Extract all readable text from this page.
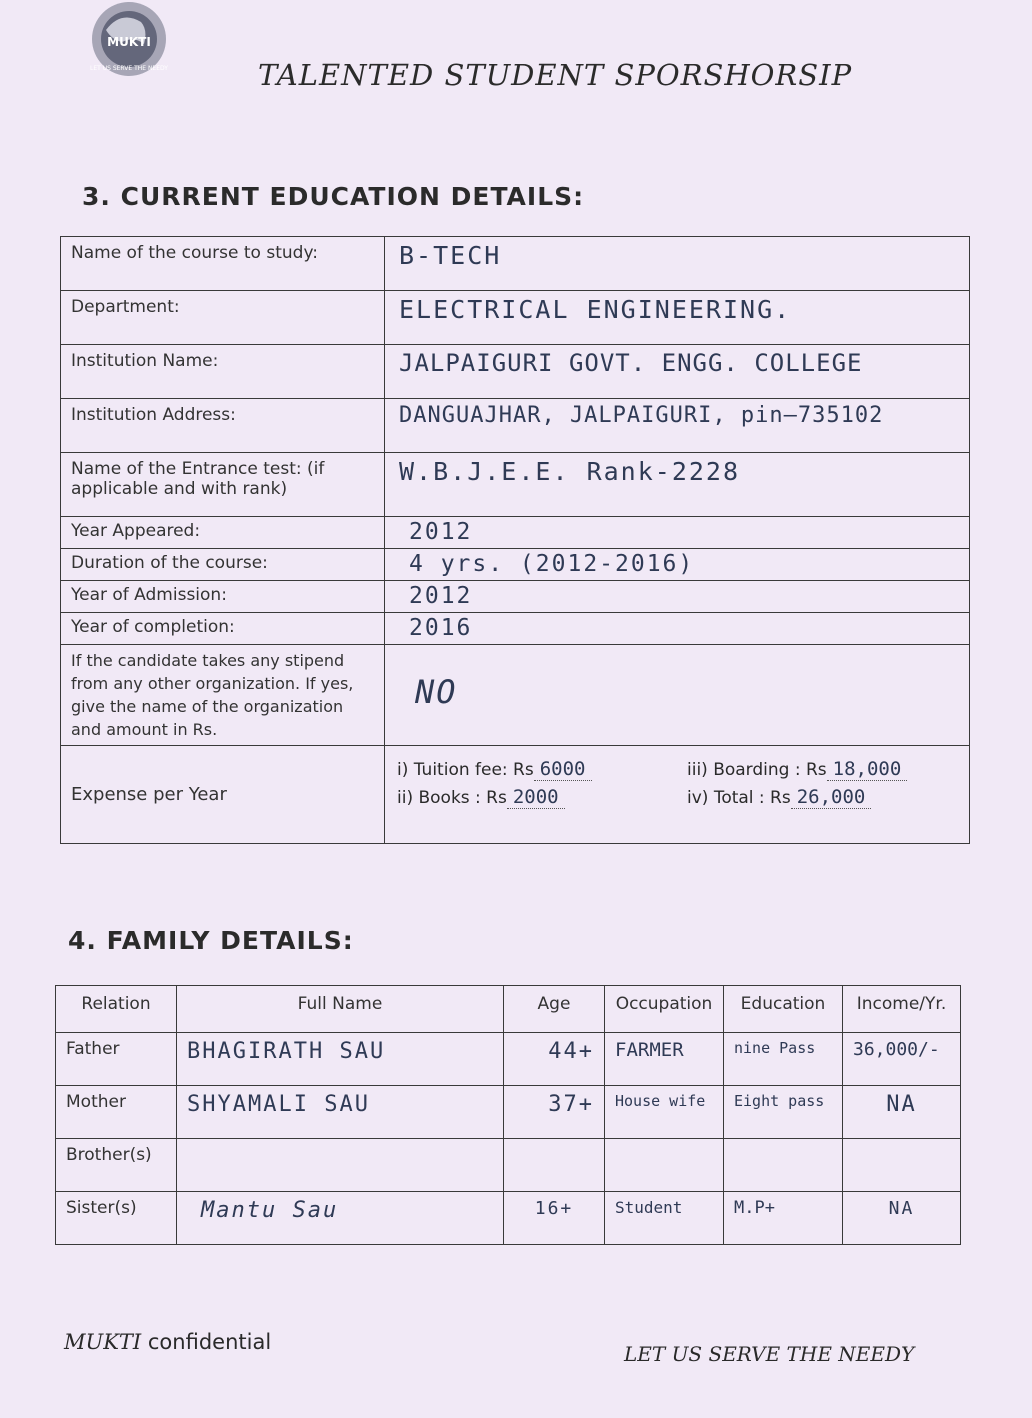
MUKTI
LET US SERVE THE NEEDY	TALENTED STUDENT SPORSHORSIP
3. CURRENT EDUCATION DETAILS:
Name of the course to study:	B-TECH
Department:	ELECTRICAL ENGINEERING.
Institution Name:	JALPAIGURI GOVT. ENGG. COLLEGE
Institution Address:	DANGUAJHAR, JALPAIGURI, pin—735102
Name of the Entrance test: (if applicable and with rank)	W.B.J.E.E. Rank-2228
Year Appeared:	2012
Duration of the course:	4 yrs. (2012-2016)
Year of Admission:	2012
Year of completion:	2016
If the candidate takes any stipend from any other organization. If yes, give the name of the organization and amount in Rs.	NO
Expense per Year	i) Tuition fee: Rs 6000 iii) Boarding : Rs 18,000
ii) Books : Rs 2000 iv) Total : Rs 26,000
4. FAMILY DETAILS:
Relation	Full Name	Age	Occupation	Education	Income/Yr.
Father	BHAGIRATH SAU	44+	FARMER	nine Pass	36,000/-
Mother	SHYAMALI SAU	37+	House wife	Eight pass	NA
Brother(s)					
Sister(s)	Mantu Sau	16+	Student	M.P+	NA
MUKTI confidential	LET US SERVE THE NEEDY
